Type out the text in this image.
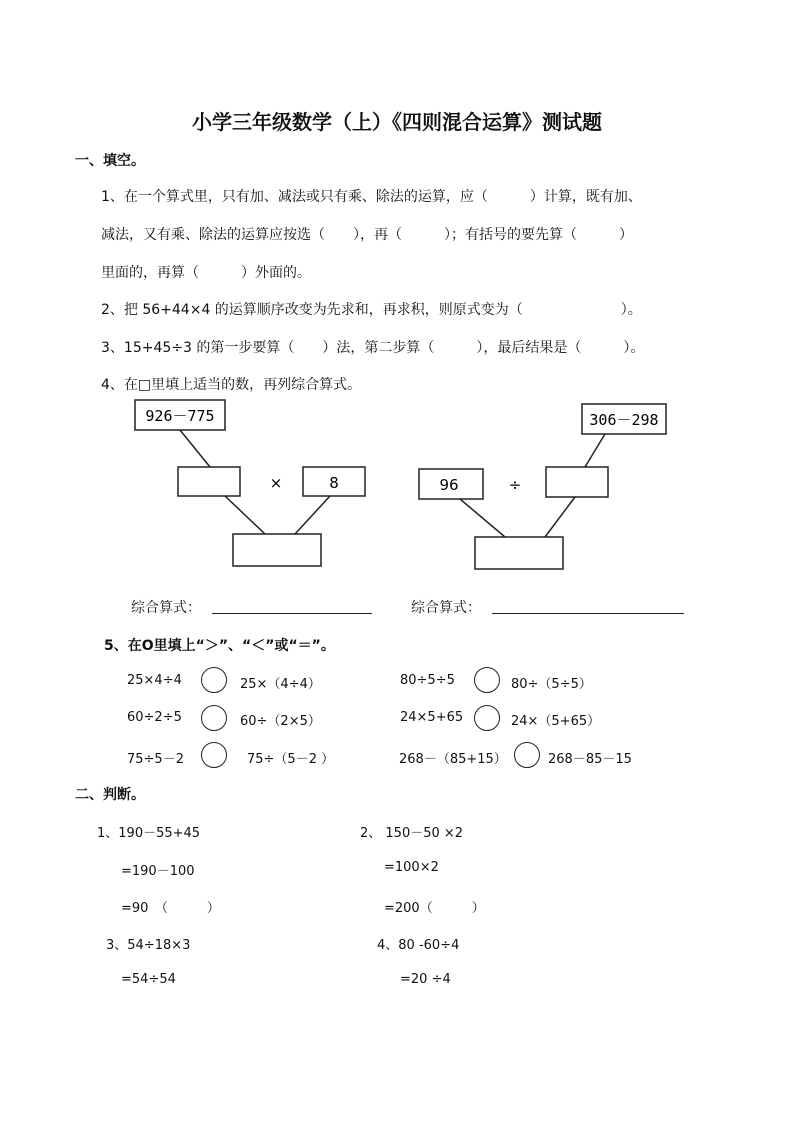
小学三年级数学（上）《四则混合运算》测试题
一、填空。
1、在一个算式里，只有加、减法或只有乘、除法的运算，应（　　　）计算，既有加、
减法，又有乘、除法的运算应按选（　　），再（　　　）；有括号的要先算（　　　）
里面的，再算（　　　）外面的。
2、把 56+44×4 的运算顺序改变为先求和，再求积，则原式变为（　　　　　　　）。
3、15+45÷3 的第一步要算（　　）法，第二步算（　　　），最后结果是（　　　）。
4、在□里填上适当的数，再列综合算式。
926－775
×	8
306－298
96	÷
综合算式：	综合算式：
5、在O里填上“＞”、“＜”或“＝”。
25×4÷4	25×（4÷4）	80÷5÷5	80÷（5÷5）
60÷2÷5	60÷（2×5）	24×5+65	24×（5+65）
75÷5－2	75÷（5－2 ）	268－（85+15）	268－85－15
二、判断。
1、190－55+45
=190－100
=90　（　　　）
2、 150－50 ×2
=100×2
=200（　　　）
3、54÷18×3
=54÷54
4、80 -60÷4
=20 ÷4
